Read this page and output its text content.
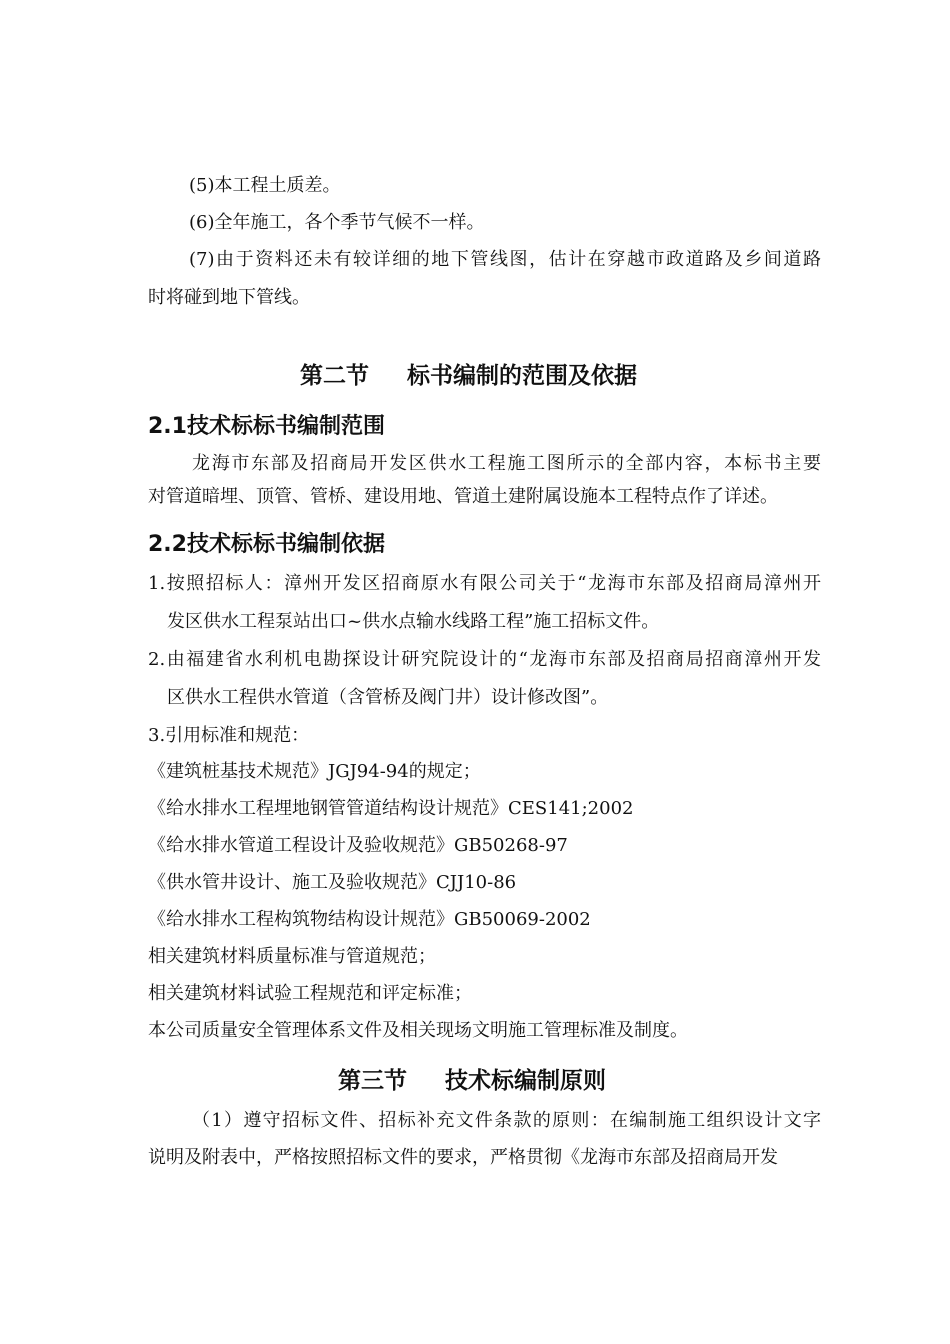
(5)本工程土质差。
(6)全年施工，各个季节气候不一样。
(7)由于资料还未有较详细的地下管线图，估计在穿越市政道路及乡间道路
时将碰到地下管线。
第二节 标书编制的范围及依据
2.1技术标标书编制范围
龙海市东部及招商局开发区供水工程施工图所示的全部内容，本标书主要
对管道暗埋、顶管、管桥、建设用地、管道土建附属设施本工程特点作了详述。
2.2技术标标书编制依据
1.按照招标人：漳州开发区招商原水有限公司关于“龙海市东部及招商局漳州开
发区供水工程泵站出口~供水点输水线路工程”施工招标文件。
2.由福建省水利机电勘探设计研究院设计的“龙海市东部及招商局招商漳州开发
区供水工程供水管道（含管桥及阀门井）设计修改图”。
3.引用标准和规范：
《建筑桩基技术规范》JGJ94-94的规定；
《给水排水工程埋地钢管管道结构设计规范》CES141;2002
《给水排水管道工程设计及验收规范》GB50268-97
《供水管井设计、施工及验收规范》CJJ10-86
《给水排水工程构筑物结构设计规范》GB50069-2002
相关建筑材料质量标准与管道规范；
相关建筑材料试验工程规范和评定标准；
本公司质量安全管理体系文件及相关现场文明施工管理标准及制度。
第三节 技术标编制原则
（1）遵守招标文件、招标补充文件条款的原则：在编制施工组织设计文字
说明及附表中，严格按照招标文件的要求，严格贯彻《龙海市东部及招商局开发
